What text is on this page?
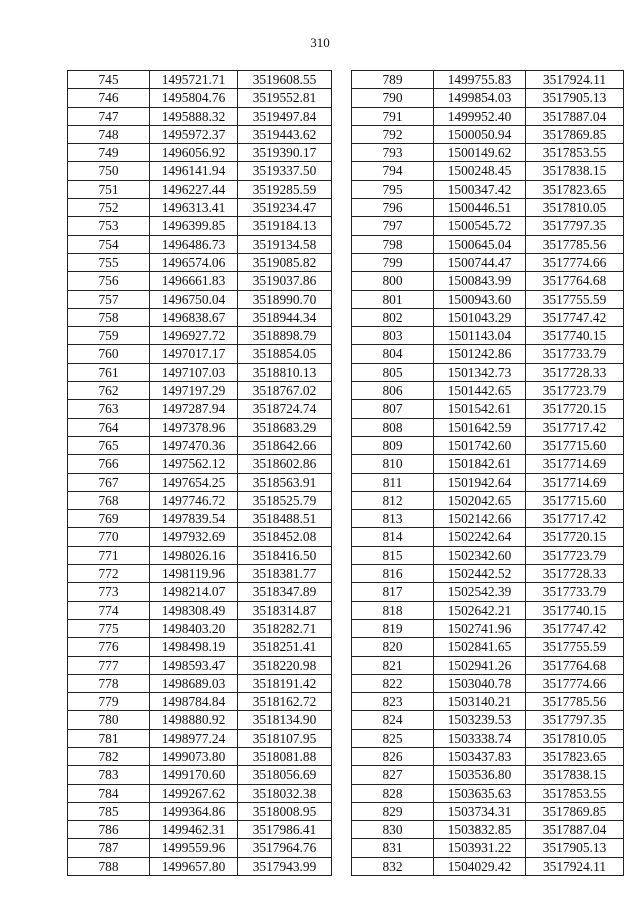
310
745	1495721.71	3519608.55
746	1495804.76	3519552.81
747	1495888.32	3519497.84
748	1495972.37	3519443.62
749	1496056.92	3519390.17
750	1496141.94	3519337.50
751	1496227.44	3519285.59
752	1496313.41	3519234.47
753	1496399.85	3519184.13
754	1496486.73	3519134.58
755	1496574.06	3519085.82
756	1496661.83	3519037.86
757	1496750.04	3518990.70
758	1496838.67	3518944.34
759	1496927.72	3518898.79
760	1497017.17	3518854.05
761	1497107.03	3518810.13
762	1497197.29	3518767.02
763	1497287.94	3518724.74
764	1497378.96	3518683.29
765	1497470.36	3518642.66
766	1497562.12	3518602.86
767	1497654.25	3518563.91
768	1497746.72	3518525.79
769	1497839.54	3518488.51
770	1497932.69	3518452.08
771	1498026.16	3518416.50
772	1498119.96	3518381.77
773	1498214.07	3518347.89
774	1498308.49	3518314.87
775	1498403.20	3518282.71
776	1498498.19	3518251.41
777	1498593.47	3518220.98
778	1498689.03	3518191.42
779	1498784.84	3518162.72
780	1498880.92	3518134.90
781	1498977.24	3518107.95
782	1499073.80	3518081.88
783	1499170.60	3518056.69
784	1499267.62	3518032.38
785	1499364.86	3518008.95
786	1499462.31	3517986.41
787	1499559.96	3517964.76
788	1499657.80	3517943.99
789	1499755.83	3517924.11
790	1499854.03	3517905.13
791	1499952.40	3517887.04
792	1500050.94	3517869.85
793	1500149.62	3517853.55
794	1500248.45	3517838.15
795	1500347.42	3517823.65
796	1500446.51	3517810.05
797	1500545.72	3517797.35
798	1500645.04	3517785.56
799	1500744.47	3517774.66
800	1500843.99	3517764.68
801	1500943.60	3517755.59
802	1501043.29	3517747.42
803	1501143.04	3517740.15
804	1501242.86	3517733.79
805	1501342.73	3517728.33
806	1501442.65	3517723.79
807	1501542.61	3517720.15
808	1501642.59	3517717.42
809	1501742.60	3517715.60
810	1501842.61	3517714.69
811	1501942.64	3517714.69
812	1502042.65	3517715.60
813	1502142.66	3517717.42
814	1502242.64	3517720.15
815	1502342.60	3517723.79
816	1502442.52	3517728.33
817	1502542.39	3517733.79
818	1502642.21	3517740.15
819	1502741.96	3517747.42
820	1502841.65	3517755.59
821	1502941.26	3517764.68
822	1503040.78	3517774.66
823	1503140.21	3517785.56
824	1503239.53	3517797.35
825	1503338.74	3517810.05
826	1503437.83	3517823.65
827	1503536.80	3517838.15
828	1503635.63	3517853.55
829	1503734.31	3517869.85
830	1503832.85	3517887.04
831	1503931.22	3517905.13
832	1504029.42	3517924.11
